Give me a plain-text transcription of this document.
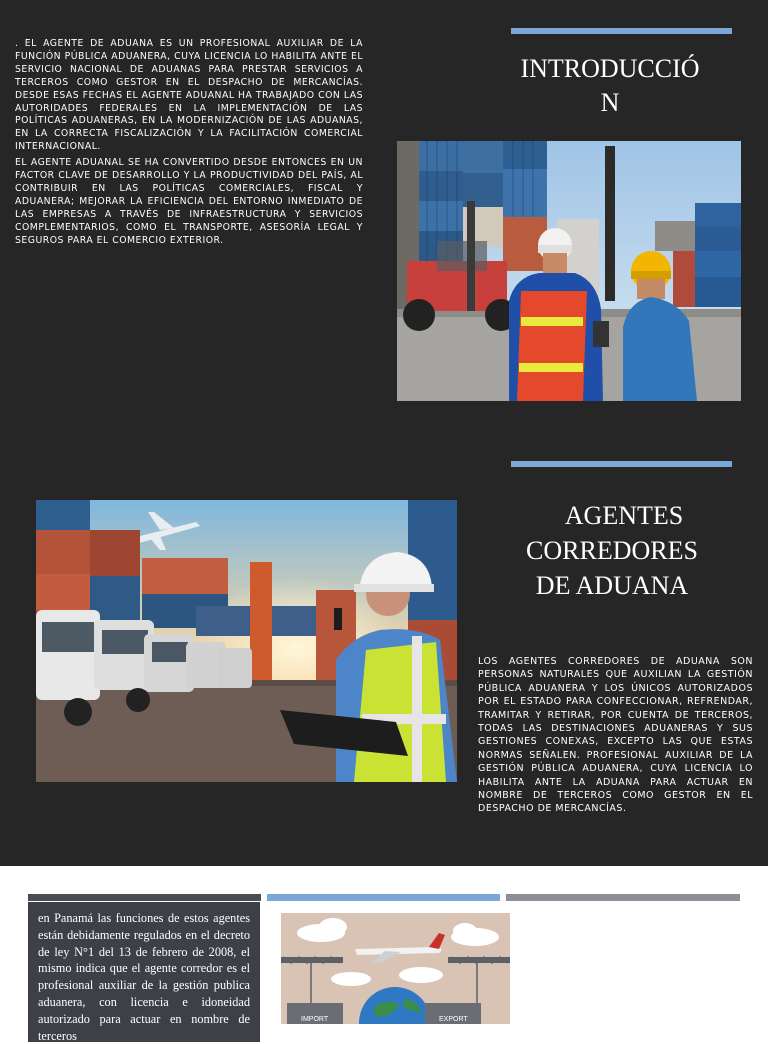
. EL AGENTE DE ADUANA ES UN PROFESIONAL AUXILIAR DE LA FUNCIÓN PÚBLICA ADUANERA, CUYA LICENCIA LO HABILITA ANTE EL SERVICIO NACIONAL DE ADUANAS PARA PRESTAR SERVICIOS A TERCEROS COMO GESTOR EN EL DESPACHO DE MERCANCÍAS. DESDE ESAS FECHAS EL AGENTE ADUANAL HA TRABAJADO CON LAS AUTORIDADES FEDERALES EN LA IMPLEMENTACIÓN DE LAS POLÍTICAS ADUANERAS, EN LA MODERNIZACIÓN DE LAS ADUANAS, EN LA CORRECTA FISCALIZACIÓN Y LA FACILITACIÓN COMERCIAL INTERNACIONAL.

EL AGENTE ADUANAL SE HA CONVERTIDO DESDE ENTONCES EN UN FACTOR CLAVE DE DESARROLLO Y LA PRODUCTIVIDAD DEL PAÍS, AL CONTRIBUIR EN LAS POLÍTICAS COMERCIALES, FISCAL Y ADUANERA; MEJORAR LA EFICIENCIA DEL ENTORNO INMEDIATO DE LAS EMPRESAS A TRAVÉS DE INFRAESTRUCTURA Y SERVICIOS COMPLEMENTARIOS, COMO EL TRANSPORTE, ASESORÍA LEGAL Y SEGUROS PARA EL COMERCIO EXTERIOR.

INTRODUCCIÓ
N
AGENTES
CORREDORES
DE ADUANA

LOS AGENTES CORREDORES DE ADUANA SON PERSONAS NATURALES QUE AUXILIAN LA GESTIÓN PÚBLICA ADUANERA Y LOS ÚNICOS AUTORIZADOS POR EL ESTADO PARA CONFECCIONAR, REFRENDAR, TRAMITAR Y RETIRAR, POR CUENTA DE TERCEROS, TODAS LAS DESTINACIONES ADUANERAS Y SUS GESTIONES CONEXAS, EXCEPTO LAS QUE ESTAS NORMAS SEÑALEN. PROFESIONAL AUXILIAR DE LA GESTIÓN PÚBLICA ADUANERA, CUYA LICENCIA LO HABILITA ANTE LA ADUANA PARA ACTUAR EN NOMBRE DE TERCEROS COMO GESTOR EN EL DESPACHO DE MERCANCÍAS.

en Panamá las funciones de estos agentes están debidamente regulados en el decreto de ley N°1 del 13 de febrero de 2008, el mismo indica que el agente corredor es el profesional auxiliar de la gestión publica aduanera, con licencia e idoneidad autorizado para actuar en nombre de terceros
IMPORT	EXPORT
